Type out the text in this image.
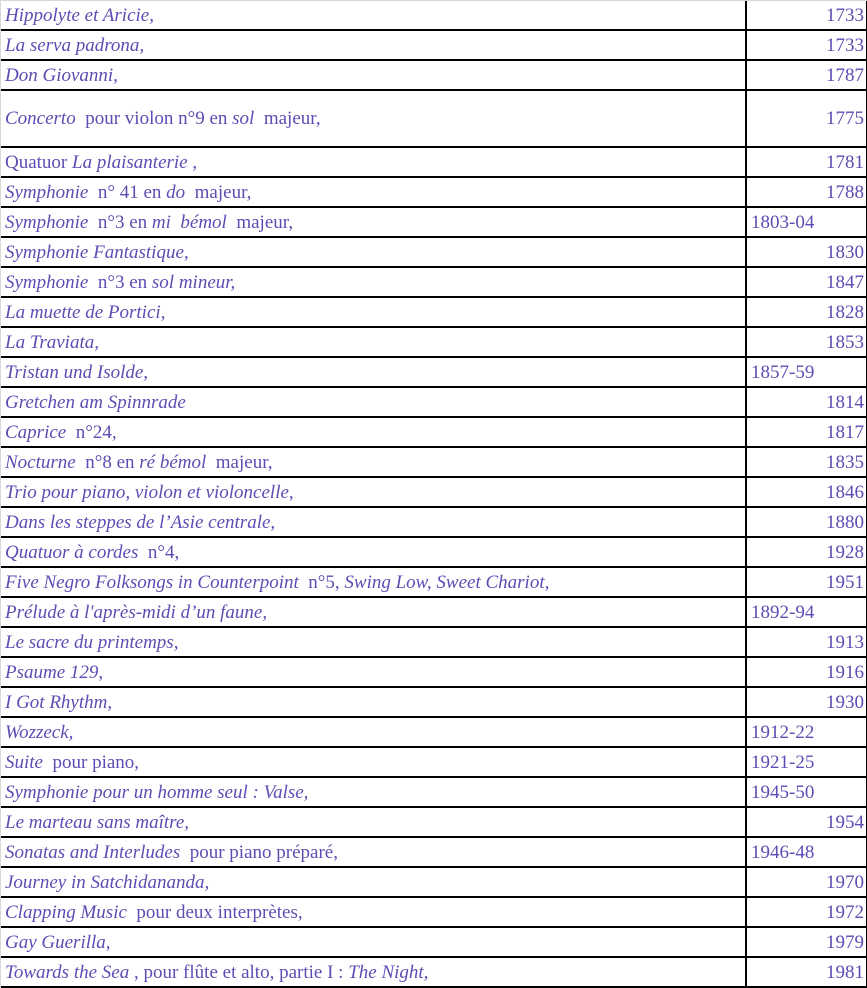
Hippolyte et Aricie,	1733
La serva padrona,	1733
Don Giovanni,	1787
Concerto  pour violon n°9 en sol  majeur,	1775
Quatuor La plaisanterie ,	1781
Symphonie  n° 41 en do  majeur,	1788
Symphonie  n°3 en mi  bémol  majeur,	1803-04
Symphonie Fantastique,	1830
Symphonie  n°3 en sol mineur,	1847
La muette de Portici,	1828
La Traviata,	1853
Tristan und Isolde,	1857-59
Gretchen am Spinnrade	1814
Caprice  n°24,	1817
Nocturne  n°8 en ré bémol  majeur,	1835
Trio pour piano, violon et violoncelle,	1846
Dans les steppes de l’Asie centrale,	1880
Quatuor à cordes  n°4,	1928
Five Negro Folksongs in Counterpoint  n°5, Swing Low, Sweet Chariot,	1951
Prélude à l'après-midi d’un faune,	1892-94
Le sacre du printemps,	1913
Psaume 129,	1916
I Got Rhythm,	1930
Wozzeck,	1912-22
Suite  pour piano,	1921-25
Symphonie pour un homme seul : Valse,	1945-50
Le marteau sans maître,	1954
Sonatas and Interludes  pour piano préparé,	1946-48
Journey in Satchidananda,	1970
Clapping Music  pour deux interprètes,	1972
Gay Guerilla,	1979
Towards the Sea , pour flûte et alto, partie I : The Night,	1981
